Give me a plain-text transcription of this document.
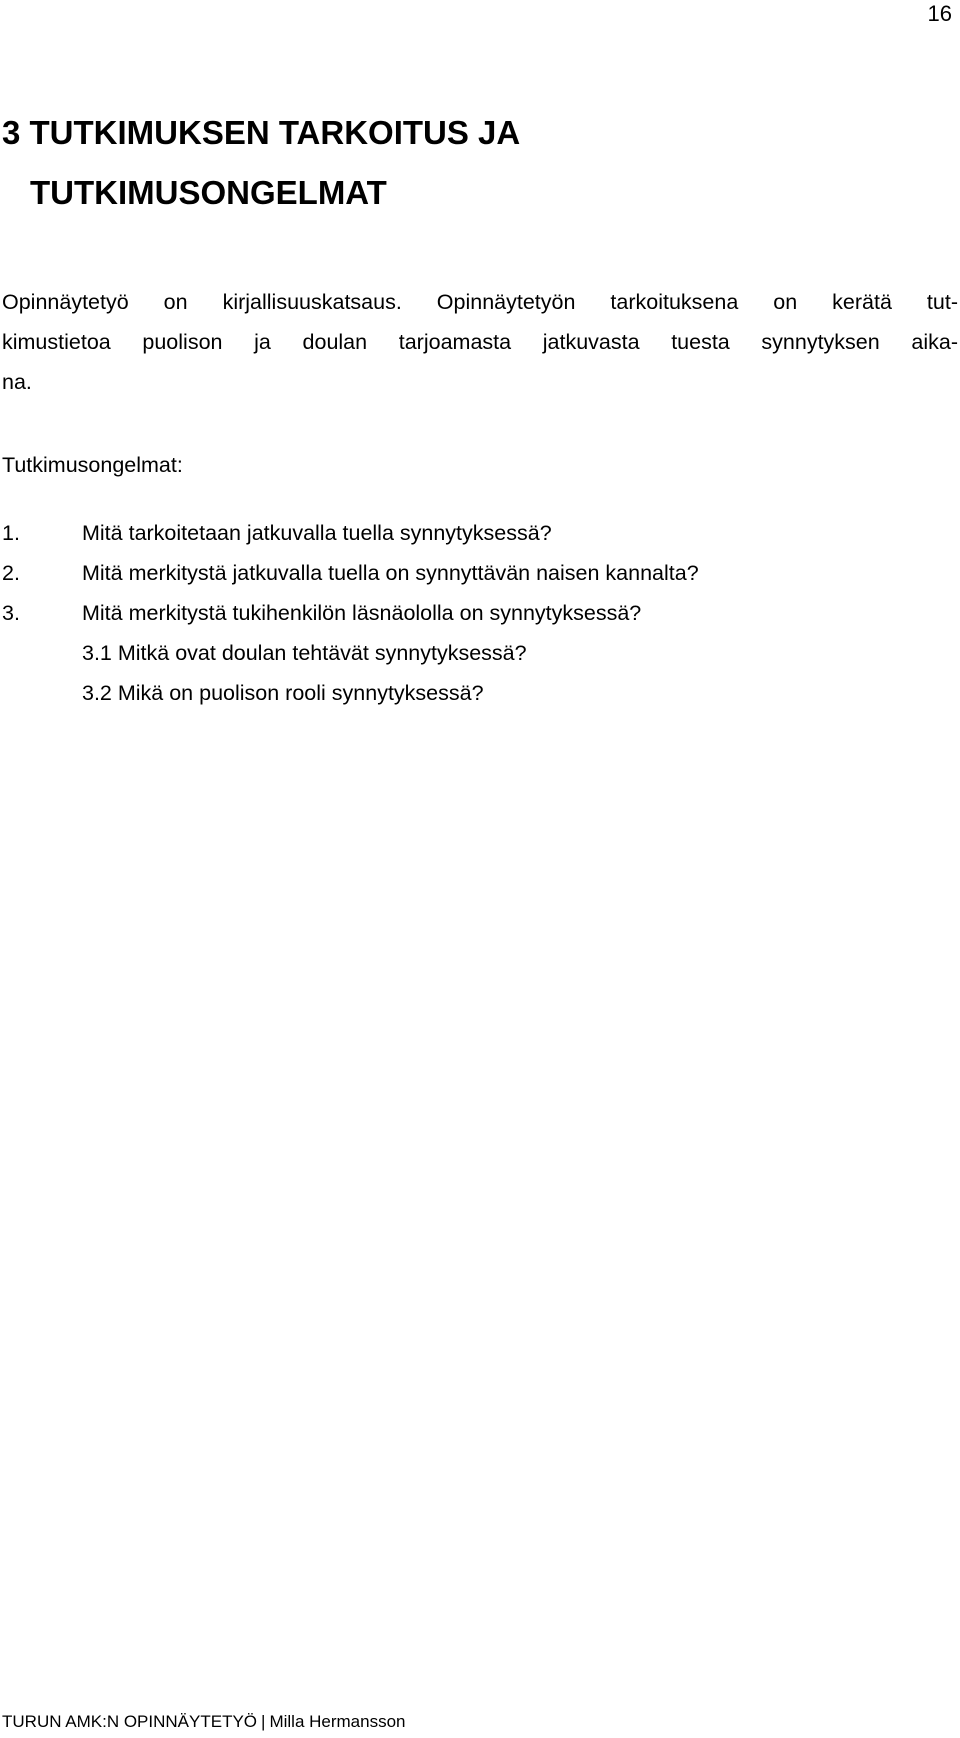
16
3 TUTKIMUKSEN TARKOITUS JA
TUTKIMUSONGELMAT
Opinnäytetyö on kirjallisuuskatsaus. Opinnäytetyön tarkoituksena on kerätä tut-
kimustietoa puolison ja doulan tarjoamasta jatkuvasta tuesta synnytyksen aika-
na.
Tutkimusongelmat:
1.	Mitä tarkoitetaan jatkuvalla tuella synnytyksessä?
2.	Mitä merkitystä jatkuvalla tuella on synnyttävän naisen kannalta?
3.	Mitä merkitystä tukihenkilön läsnäololla on synnytyksessä?
3.1 Mitkä ovat doulan tehtävät synnytyksessä?
3.2 Mikä on puolison rooli synnytyksessä?
TURUN AMK:N OPINNÄYTETYÖ | Milla Hermansson
